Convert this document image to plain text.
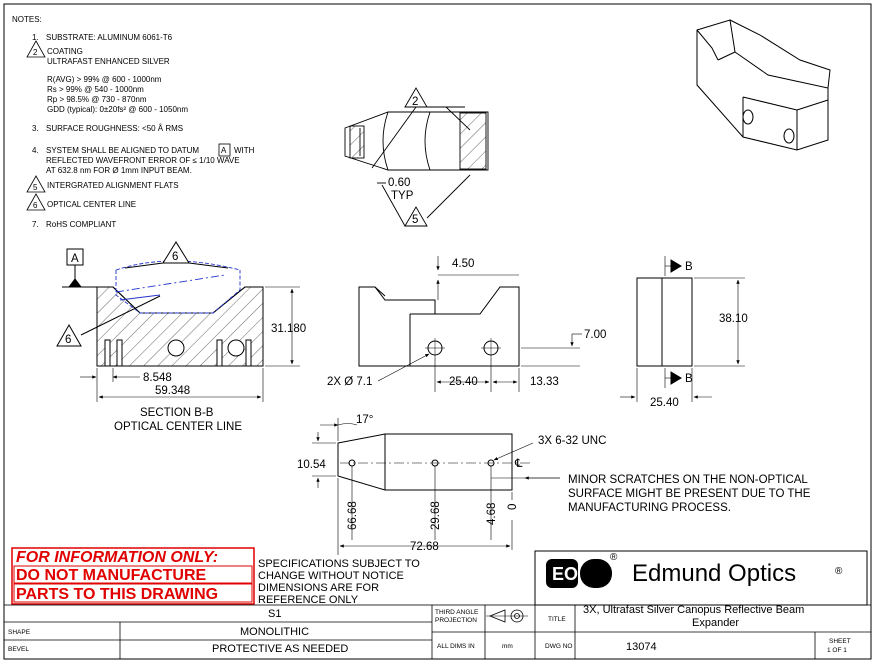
NOTES:
1. SUBSTRATE: ALUMINUM 6061-T6
2 COATING
ULTRAFAST ENHANCED SILVER
R(AVG) > 99% @ 600 - 1000nm
Rs > 99% @ 540 - 1000nm
Rp > 98.5% @ 730 - 870nm
GDD (typical): 0±20fs² @ 600 - 1050nm
3. SURFACE ROUGHNESS: <50 Å RMS
4. SYSTEM SHALL BE ALIGNED TO DATUM	A WITH
REFLECTED WAVEFRONT ERROR OF ≤ 1/10 WAVE
AT 632.8 nm FOR Ø 1mm INPUT BEAM.
5 INTERGRATED ALIGNMENT FLATS
6 OPTICAL CENTER LINE
7. RoHS COMPLIANT
2
0.60
TYP
5
A	6
6
31.180
8.548
59.348
SECTION B-B
OPTICAL CENTER LINE
4.50
7.00
2X Ø 7.1	25.40	13.33
B
B
38.10
25.40
℄
17°
10.54
3X 6-32 UNC
72.68
66.68	29.68	4.68 0
MINOR SCRATCHES ON THE NON-OPTICAL
SURFACE MIGHT BE PRESENT DUE TO THE
MANUFACTURING PROCESS.
FOR INFORMATION ONLY:
DO NOT MANUFACTURE
PARTS TO THIS DRAWING
SPECIFICATIONS SUBJECT TO
CHANGE WITHOUT NOTICE
DIMENSIONS ARE FOR
REFERENCE ONLY
EO
®
Edmund Optics	®
S1
SHAPE	MONOLITHIC
BEVEL	PROTECTIVE AS NEEDED
THIRD ANGLE
PROJECTION	TITLE
3X, Ultrafast Silver Canopus Reflective Beam
Expander
ALL DIMS IN	mm	DWG NO	13074	SHEET
1 OF 1
